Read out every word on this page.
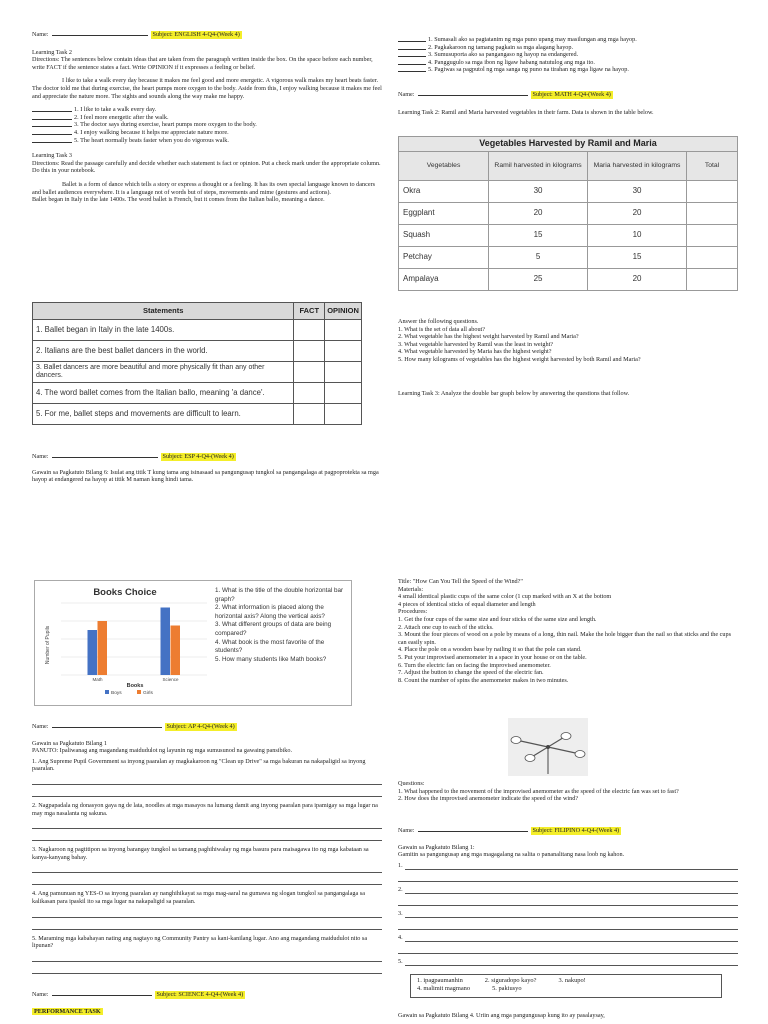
Name:	Subject: ENGLISH 4-Q4-(Week 4)

Learning Task 2

Directions: The sentences below contain ideas that are taken from the paragraph written inside the box. On the space before each number, write FACT if the sentence states a fact. Write OPINION if it expresses a feeling or belief.

I like to take a walk every day because it makes me feel good and more energetic. A vigorous walk makes my heart beats faster. The doctor told me that during exercise, the heart pumps more oxygen to the body. Aside from this, I enjoy walking because it makes me feel and appreciate the nature more. The sights and sounds along the way make me happy.

1. I like to take a walk every day.
2. I feel more energetic after the walk.
3. The doctor says during exercise, heart pumps more oxygen to the body.
4. I enjoy walking because it helps me appreciate nature more.
5. The heart normally beats faster when you do vigorous walk.

Learning Task 3

Directions: Read the passage carefully and decide whether each statement is fact or opinion. Put a check mark under the appropriate column. Do this in your notebook.

Ballet is a form of dance which tells a story or express a thought or a feeling. It has its own special language known to dancers and ballet audiences everywhere. It is a language not of words but of steps, movements and mime (gestures and actions).

Ballet began in Italy in the late 1400s. The word ballet is French, but it comes from the Italian ballo, meaning a dance.

Statements	FACT	OPINION
1. Ballet began in Italy in the late 1400s.		
2. Italians are the best ballet dancers in the world.		
3. Ballet dancers are more beautiful and more physically fit than any other dancers.		
4. The word ballet comes from the Italian ballo, meaning 'a dance'.		
5. For me, ballet steps and movements are difficult to learn.		
Name:	Subject: ESP 4-Q4-(Week 4)

Gawain sa Pagkatuto Bilang 6: Isulat ang titik T kung tama ang isinasaad sa pangungusap tungkol sa pangangalaga at pagpoprotekta sa mga hayop at endangered na hayop at titik M naman kung hindi tama.

Name:	Subject: AP 4-Q4-(Week 4)

Gawain sa Pagkatuto Bilang 1

PANUTO: Ipaliwanag ang magandang maidudulot ng layunin ng mga sumusunod na gawaing pansibiko.

1. Ang Supreme Pupil Government sa inyong paaralan ay magkakaroon ng "Clean up Drive" sa mga bakuran na nakapaligid sa inyong paaralan.

2. Nagpapadala ng donasyon gaya ng de lata, noodles at mga masayos na lumang damit ang inyong paaralan para ipamigay sa mga lugar na may mga nasalanta ng sakuna.

3. Nagkaroon ng pagtitipon sa inyong barangay tungkol sa tamang paghihiwalay ng mga basura para maisagawa ito ng mga kabataan sa kanya-kanyang bahay.

4. Ang pamunuan ng YES-O sa inyong paaralan ay nanghihikayat sa mga mag-aaral na gumawa ng slogan tungkol sa pangangalaga sa kalikasan para ipaskil ito sa mga lugar na nakapaligid sa paaralan.

5. Maraming mga kabahayan nating ang nagtayo ng Community Pantry sa kani-kanilang lugar. Ano ang magandang maidudulot nito sa lipunan?

Name:	Subject: SCIENCE 4-Q4-(Week 4)

PERFORMANCE TASK

Books Choice
Number of Pupils
Books
Math	Science
Boys	Girls

1. What is the title of the double horizontal bar graph?

2. What information is placed along the horizontal axis? Along the vertical axis?

3. What different groups of data are being compared?

4. What book is the most favorite of the students?

5. How many students like Math books?

1. Sumasali ako sa pagtatanim ng mga puno upang may masilungan ang mga hayop.
2. Pagkakaroon ng tamang pagkain sa mga alagang hayop.
3. Sumusuporta ako sa pangangaso ng hayop na endangered.
4. Panggugulo sa mga ibon ng ligaw habang natutulog ang mga ito.
5. Pagiwas sa pagputol ng mga sanga ng puno na tirahan ng mga ligaw na hayop.
Name:	Subject: MATH 4-Q4-(Week 4)

Learning Task 2: Ramil and Maria harvested vegetables in their farm. Data is shown in the table below.

Vegetables Harvested by Ramil and Maria
Vegetables	Ramil harvested in kilograms	Maria harvested in kilograms	Total
Okra	30	30	
Eggplant	20	20	
Squash	15	10	
Petchay	5	15	
Ampalaya	25	20	

Answer the following questions.

1. What is the set of data all about?

2. What vegetable has the highest weight harvested by Ramil and Maria?

3. What vegetable harvested by Ramil was the least in weight?

4. What vegetable harvested by Maria has the highest weight?

5. How many kilograms of vegetables has the highest weight harvested by both Ramil and Maria?

Learning Task 3: Analyze the double bar graph below by answering the questions that follow.

Title: "How Can You Tell the Speed of the Wind?"

Materials:

4 small identical plastic cups of the same color (1 cup marked with an X at the bottom

4 pieces of identical sticks of equal diameter and length

Procedures:

1. Get the four cups of the same size and four sticks of the same size and length.

2. Attach one cup to each of the sticks.

3. Mount the four pieces of wood on a pole by means of a long, thin nail. Make the hole bigger than the nail so that sticks and the cups can easily spin.

4. Place the pole on a wooden base by nailing it so that the pole can stand.

5. Put your improvised anemometer in a space in your house or on the table.

6. Turn the electric fan on facing the improvised anemometer.

7. Adjust the button to change the speed of the electric fan.

8. Count the number of spins the anemometer makes in two minutes.

Questions:

1. What happened to the movement of the improvised anemometer as the speed of the electric fan was set to fast?

2. How does the improvised anemometer indicate the speed of the wind?

Name:	Subject: FILIPINO 4-Q4-(Week 4)

Gawain sa Pagkatuto Bilang 1:

Gamitin sa pangungusap ang mga magagalang na salita o pananalitang nasa loob ng kahon.

1.
2.
3.
4.
5.

Gawain sa Pagkatuto Bilang 4. Uriin ang mga pangungusap kung ito ay pasalaysay,

1. ipagpaumanhin	2. siguradopo kayo?	3. nakupo!
4. malimit magmano	5. pakiusyo
